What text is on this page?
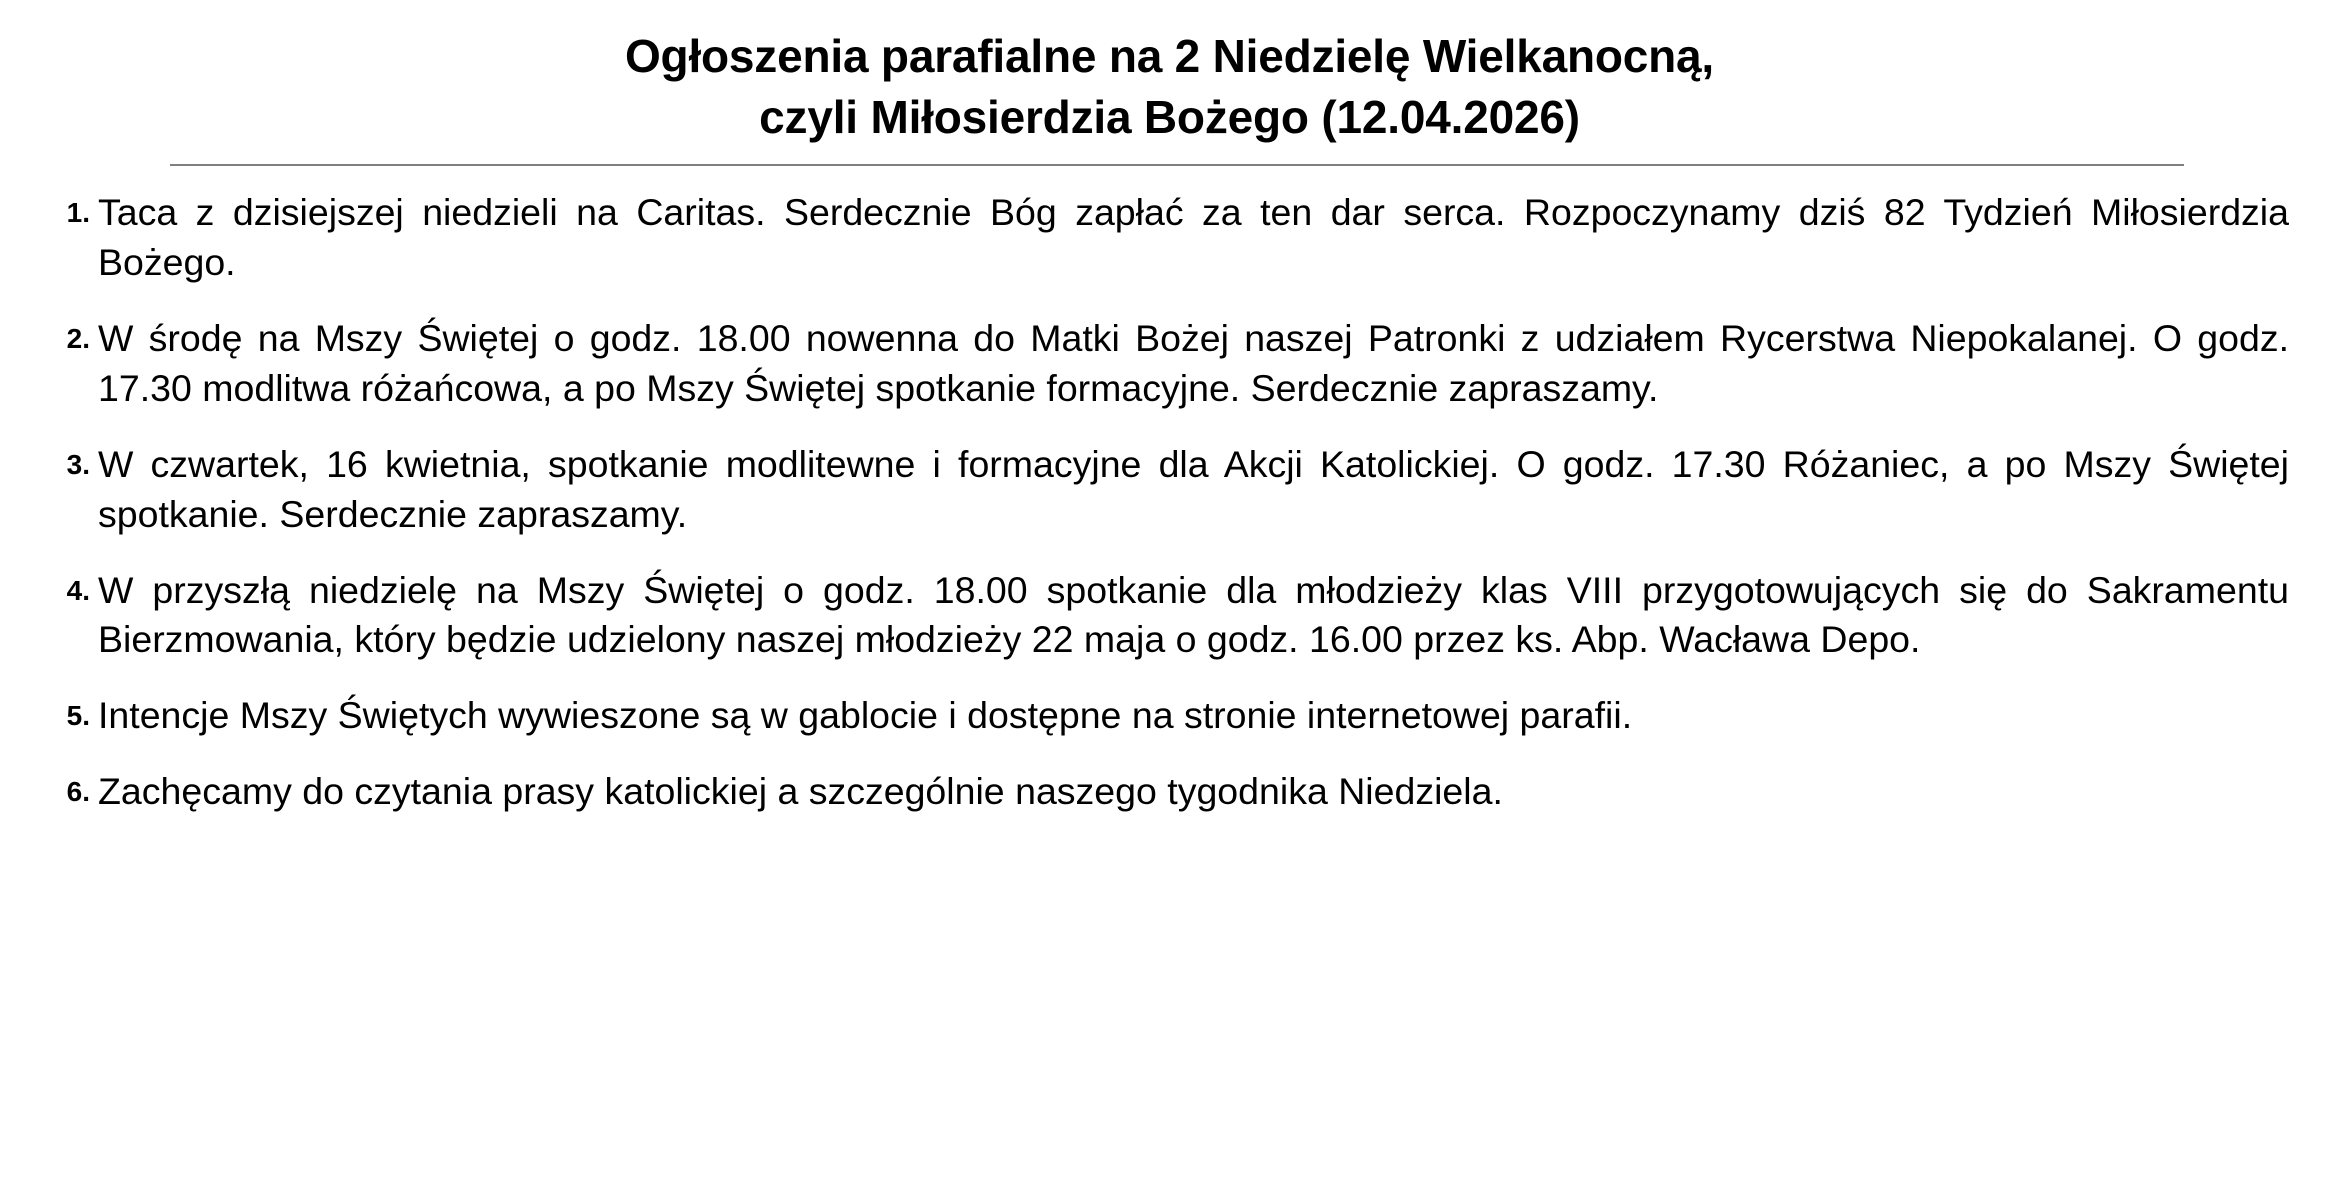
Ogłoszenia parafialne na 2 Niedzielę Wielkanocną,
czyli Miłosierdzia Bożego (12.04.2026)
Taca z dzisiejszej niedzieli na Caritas. Serdecznie Bóg zapłać za ten dar serca. Rozpoczynamy dziś 82 Tydzień Miłosierdzia Bożego.
W środę na Mszy Świętej o godz. 18.00 nowenna do Matki Bożej naszej Patronki z udziałem Rycerstwa Niepokalanej. O godz. 17.30 modlitwa różańcowa, a po Mszy Świętej spotkanie formacyjne. Serdecznie zapraszamy.
W czwartek, 16 kwietnia, spotkanie modlitewne i formacyjne dla Akcji Katolickiej. O godz. 17.30 Różaniec, a po Mszy Świętej spotkanie. Serdecznie zapraszamy.
W przyszłą niedzielę na Mszy Świętej o godz. 18.00 spotkanie dla młodzieży klas VIII przygotowujących się do Sakramentu Bierzmowania, który będzie udzielony naszej młodzieży 22 maja o godz. 16.00 przez ks. Abp. Wacława Depo.
Intencje Mszy Świętych wywieszone są w gablocie i dostępne na stronie internetowej parafii.
Zachęcamy do czytania prasy katolickiej a szczególnie naszego tygodnika Niedziela.
